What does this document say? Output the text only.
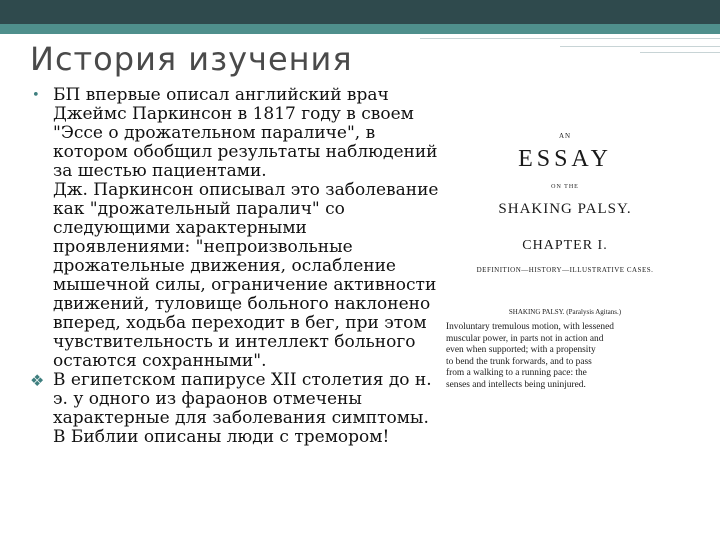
История изучения
• БП впервые описал английский врач Джеймс Паркинсон в 1817 году в своем "Эссе о дрожательном параличе", в котором обобщил результаты наблюдений за шестью пациентами.
Дж. Паркинсон описывал это заболевание как "дрожательный паралич" со следующими характерными проявлениями: "непроизвольные дрожательные движения, ослабление мышечной силы, ограничение активности движений, туловище больного наклонено вперед, ходьба переходит в бег, при этом чувствительность и интеллект больного остаются сохранными".
❖ В египетском папирусе XII столетия до н. э. у одного из фараонов отмечены характерные для заболевания симптомы. В Библии описаны люди с тремором!
AN
ESSAY
ON THE
SHAKING PALSY.
CHAPTER I.
DEFINITION—HISTORY—ILLUSTRATIVE CASES.
SHAKING PALSY. (Paralysis Agitans.)
Involuntary tremulous motion, with lessened
muscular power, in parts not in action and
even when supported; with a propensity
to bend the trunk forwards, and to pass
from a walking to a running pace: the
senses and intellects being uninjured.
